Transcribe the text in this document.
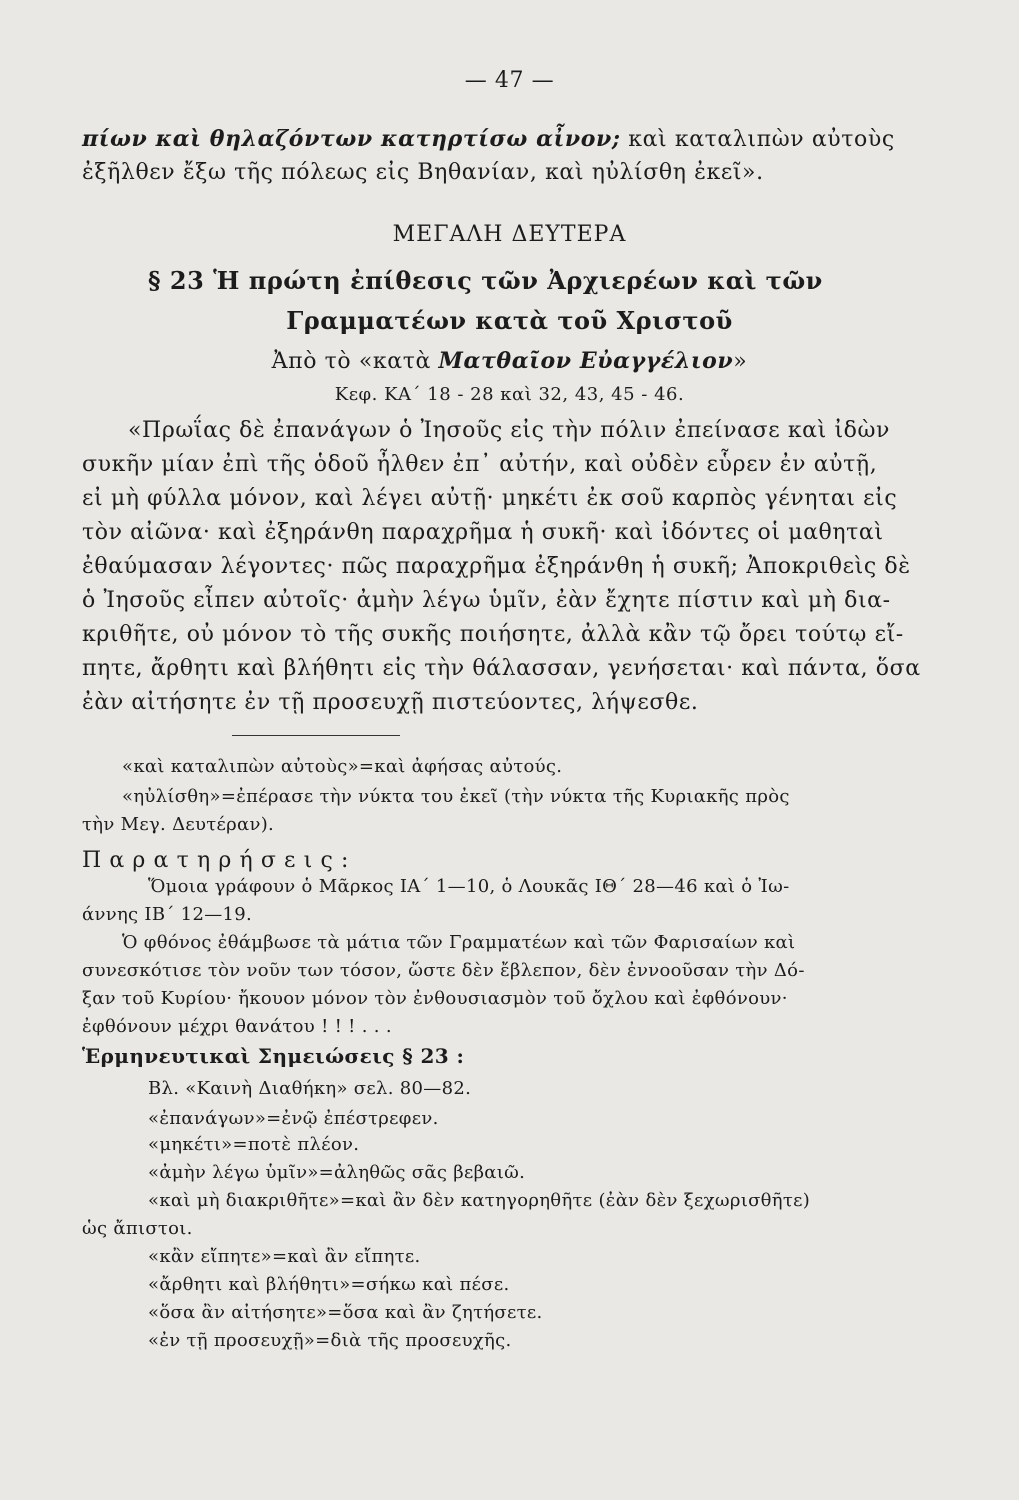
— 47 —
πίων καὶ θηλαζόντων κατηρτίσω αἶνον; καὶ καταλιπὼν αὐτοὺς
ἐξῆλθεν ἔξω τῆς πόλεως εἰς Βηθανίαν, καὶ ηὐλίσθη ἐκεῖ».
ΜΕΓΑΛΗ ΔΕΥΤΕΡΑ
§ 23 Ἡ πρώτη ἐπίθεσις τῶν Ἀρχιερέων καὶ τῶν
Γραμματέων κατὰ τοῦ Χριστοῦ
Ἀπὸ τὸ «κατὰ Ματθαῖον Εὐαγγέλιον»
Κεφ. ΚΑ΄ 18 - 28 καὶ 32, 43, 45 - 46.
«Πρωΐας δὲ ἐπανάγων ὁ Ἰησοῦς εἰς τὴν πόλιν ἐπείνασε καὶ ἰδὼν
συκῆν μίαν ἐπὶ τῆς ὁδοῦ ἦλθεν ἐπ᾽ αὐτήν, καὶ οὐδὲν εὗρεν ἐν αὐτῇ,
εἰ μὴ φύλλα μόνον, καὶ λέγει αὐτῇ· μηκέτι ἐκ σοῦ καρπὸς γένηται εἰς
τὸν αἰῶνα· καὶ ἐξηράνθη παραχρῆμα ἡ συκῆ· καὶ ἰδόντες οἱ μαθηταὶ
ἐθαύμασαν λέγοντες· πῶς παραχρῆμα ἐξηράνθη ἡ συκῆ; Ἀποκριθεὶς δὲ
ὁ Ἰησοῦς εἶπεν αὐτοῖς· ἀμὴν λέγω ὑμῖν, ἐὰν ἔχητε πίστιν καὶ μὴ δια-
κριθῆτε, οὐ μόνον τὸ τῆς συκῆς ποιήσητε, ἀλλὰ κἂν τῷ ὄρει τούτῳ εἴ-
πητε, ἄρθητι καὶ βλήθητι εἰς τὴν θάλασσαν, γενήσεται· καὶ πάντα, ὅσα
ἐὰν αἰτήσητε ἐν τῇ προσευχῇ πιστεύοντες, λήψεσθε.
«καὶ καταλιπὼν αὐτοὺς»=καὶ ἀφήσας αὐτούς.
«ηὐλίσθη»=ἐπέρασε τὴν νύκτα του ἐκεῖ (τὴν νύκτα τῆς Κυριακῆς πρὸς
τὴν Μεγ. Δευτέραν).
Π α ρ α τ η ρ ή σ ε ι ς :
Ὅμοια γράφουν ὁ Μᾶρκος ΙΑ΄ 1—10, ὁ Λουκᾶς ΙΘ΄ 28—46 καὶ ὁ Ἰω-
άννης ΙΒ΄ 12—19.
Ὁ φθόνος ἐθάμβωσε τὰ μάτια τῶν Γραμματέων καὶ τῶν Φαρισαίων καὶ
συνεσκότισε τὸν νοῦν των τόσον, ὥστε δὲν ἔβλεπον, δὲν ἐννοοῦσαν τὴν Δό-
ξαν τοῦ Κυρίου· ἤκουον μόνον τὸν ἐνθουσιασμὸν τοῦ ὄχλου καὶ ἐφθόνουν·
ἐφθόνουν μέχρι θανάτου ! ! ! . . .
Ἑρμηνευτικαὶ Σημειώσεις § 23 :
Βλ. «Καινὴ Διαθήκη» σελ. 80—82.
«ἐπανάγων»=ἐνῷ ἐπέστρεφεν.
«μηκέτι»=ποτὲ πλέον.
«ἀμὴν λέγω ὑμῖν»=ἀληθῶς σᾶς βεβαιῶ.
«καὶ μὴ διακριθῆτε»=καὶ ἂν δὲν κατηγορηθῆτε (ἐὰν δὲν ξεχωρισθῆτε)
ὡς ἄπιστοι.
«κἂν εἴπητε»=καὶ ἂν εἴπητε.
«ἄρθητι καὶ βλήθητι»=σήκω καὶ πέσε.
«ὅσα ἂν αἰτήσητε»=ὅσα καὶ ἂν ζητήσετε.
«ἐν τῇ προσευχῇ»=διὰ τῆς προσευχῆς.
